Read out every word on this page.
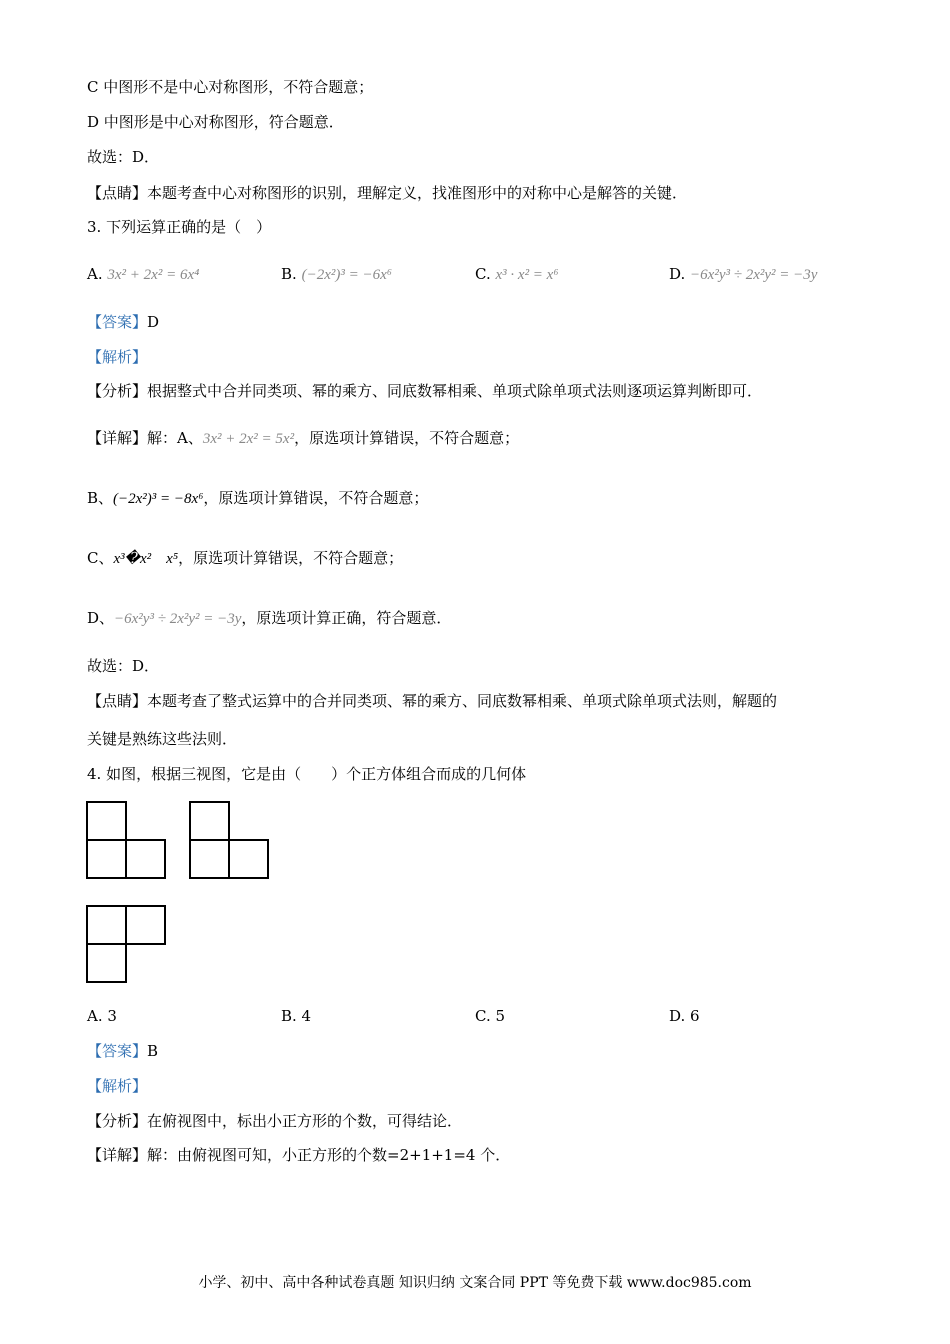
C 中图形不是中心对称图形，不符合题意；
D 中图形是中心对称图形，符合题意．
故选：D．
【点睛】本题考查中心对称图形的识别，理解定义，找准图形中的对称中心是解答的关键．
3. 下列运算正确的是（　）
A. 3x² + 2x² = 6x⁴	B. (−2x²)³ = −6x⁶	C. x³ · x² = x⁶	D. −6x²y³ ÷ 2x²y² = −3y
【答案】D
【解析】
【分析】根据整式中合并同类项、幂的乘方、同底数幂相乘、单项式除单项式法则逐项运算判断即可．
【详解】解：A、3x² + 2x² = 5x²，原选项计算错误，不符合题意；
B、(−2x²)³ = −8x⁶，原选项计算错误，不符合题意；
C、x³�x²　x⁵，原选项计算错误，不符合题意；
D、−6x²y³ ÷ 2x²y² = −3y，原选项计算正确，符合题意．
故选：D．
【点睛】本题考查了整式运算中的合并同类项、幂的乘方、同底数幂相乘、单项式除单项式法则，解题的
关键是熟练这些法则．
4. 如图，根据三视图，它是由（　　）个正方体组合而成的几何体
A. 3	B. 4	C. 5	D. 6
【答案】B
【解析】
【分析】在俯视图中，标出小正方形的个数，可得结论．
【详解】解：由俯视图可知，小正方形的个数=2+1+1=4 个．
小学、初中、高中各种试卷真题 知识归纳 文案合同 PPT 等免费下载 www.doc985.com
